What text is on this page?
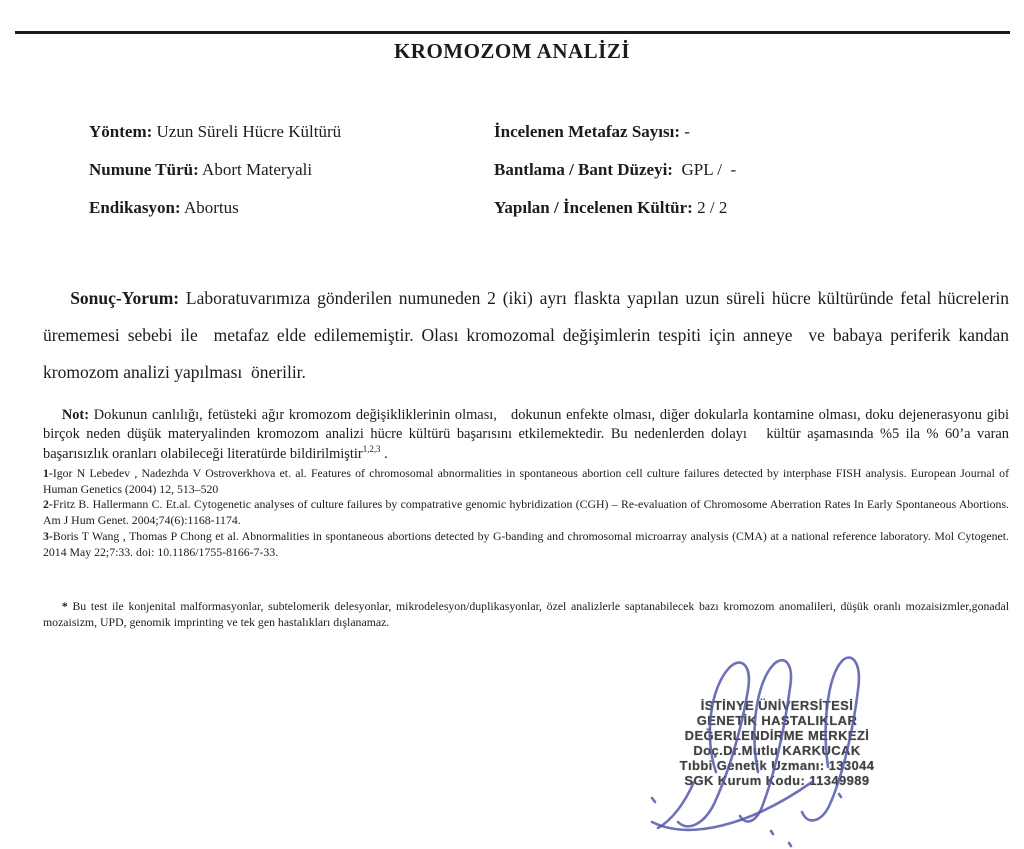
KROMOZOM ANALİZİ

Yöntem: Uzun Süreli Hücre Kültürü

Numune Türü: Abort Materyali

Endikasyon: Abortus

İncelenen Metafaz Sayısı: -

Bantlama / Bant Düzeyi:  GPL /  -

Yapılan / İncelenen Kültür: 2 / 2

Sonuç-Yorum: Laboratuvarımıza gönderilen numuneden 2 (iki) ayrı flaskta yapılan uzun süreli hücre kültüründe fetal hücrelerin ürememesi sebebi ile  metafaz elde edilememiştir. Olası kromozomal değişimlerin tespiti için anneye  ve babaya periferik kandan kromozom analizi yapılması  önerilir.

Not: Dokunun canlılığı, fetüsteki ağır kromozom değişikliklerinin olması,   dokunun enfekte olması, diğer dokularla kontamine olması, doku dejenerasyonu gibi birçok neden düşük materyalinden kromozom analizi hücre kültürü başarısını etkilemektedir. Bu nedenlerden dolayı   kültür aşamasında %5 ila % 60’a varan başarısızlık oranları olabileceği literatürde bildirilmiştir$^{1,2,3}$ .

1-Igor N Lebedev , Nadezhda V Ostroverkhova et. al. Features of chromosomal abnormalities in spontaneous abortion cell culture failures detected by interphase FISH analysis. European Journal of Human Genetics (2004) 12, 513–520

2-Fritz B. Hallermann C. Et.al. Cytogenetic analyses of culture failures by compatrative genomic hybridization (CGH) – Re-evaluation of Chromosome Aberration Rates In Early Spontaneous Abortions. Am J Hum Genet. 2004;74(6):1168-1174.

3-Boris T Wang , Thomas P Chong et al. Abnormalities in spontaneous abortions detected by G-banding and chromosomal microarray analysis (CMA) at a national reference laboratory. Mol Cytogenet. 2014 May 22;7:33. doi: 10.1186/1755-8166-7-33.

* Bu test ile konjenital malformasyonlar, subtelomerik delesyonlar, mikrodelesyon/duplikasyonlar, özel analizlerle saptanabilecek bazı kromozom anomalileri, düşük oranlı mozaisizmler,gonadal mozaisizm, UPD, genomik imprinting ve tek gen hastalıkları dışlanamaz.

İSTİNYE ÜNİVERSİTESİ
GENETİK HASTALIKLAR
DEĞERLENDİRME MERKEZİ
Doç.Dr.Mutlu KARKUCAK
Tıbbi Genetik Uzmanı: 133044
SGK Kurum Kodu: 11349989
